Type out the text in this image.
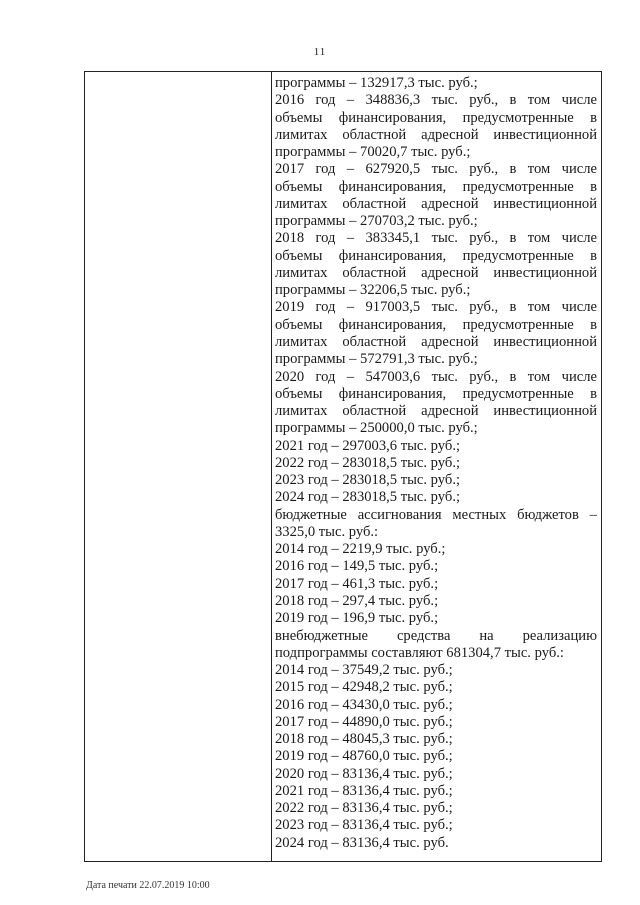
11
программы – 132917,3 тыс. руб.;
2016 год – 348836,3 тыс. руб., в том числе
объемы финансирования, предусмотренные в
лимитах областной адресной инвестиционной
программы – 70020,7 тыс. руб.;
2017 год – 627920,5 тыс. руб., в том числе
объемы финансирования, предусмотренные в
лимитах областной адресной инвестиционной
программы – 270703,2 тыс. руб.;
2018 год – 383345,1 тыс. руб., в том числе
объемы финансирования, предусмотренные в
лимитах областной адресной инвестиционной
программы – 32206,5 тыс. руб.;
2019 год – 917003,5 тыс. руб., в том числе
объемы финансирования, предусмотренные в
лимитах областной адресной инвестиционной
программы – 572791,3 тыс. руб.;
2020 год – 547003,6 тыс. руб., в том числе
объемы финансирования, предусмотренные в
лимитах областной адресной инвестиционной
программы – 250000,0 тыс. руб.;
2021 год – 297003,6 тыс. руб.;
2022 год – 283018,5 тыс. руб.;
2023 год – 283018,5 тыс. руб.;
2024 год – 283018,5 тыс. руб.;
бюджетные ассигнования местных бюджетов –
3325,0 тыс. руб.:
2014 год – 2219,9 тыс. руб.;
2016 год – 149,5 тыс. руб.;
2017 год – 461,3 тыс. руб.;
2018 год – 297,4 тыс. руб.;
2019 год – 196,9 тыс. руб.;
внебюджетные средства на реализацию
подпрограммы составляют 681304,7 тыс. руб.:
2014 год – 37549,2 тыс. руб.;
2015 год – 42948,2 тыс. руб.;
2016 год – 43430,0 тыс. руб.;
2017 год – 44890,0 тыс. руб.;
2018 год – 48045,3 тыс. руб.;
2019 год – 48760,0 тыс. руб.;
2020 год – 83136,4 тыс. руб.;
2021 год – 83136,4 тыс. руб.;
2022 год – 83136,4 тыс. руб.;
2023 год – 83136,4 тыс. руб.;
2024 год – 83136,4 тыс. руб.
Дата печати 22.07.2019 10:00
